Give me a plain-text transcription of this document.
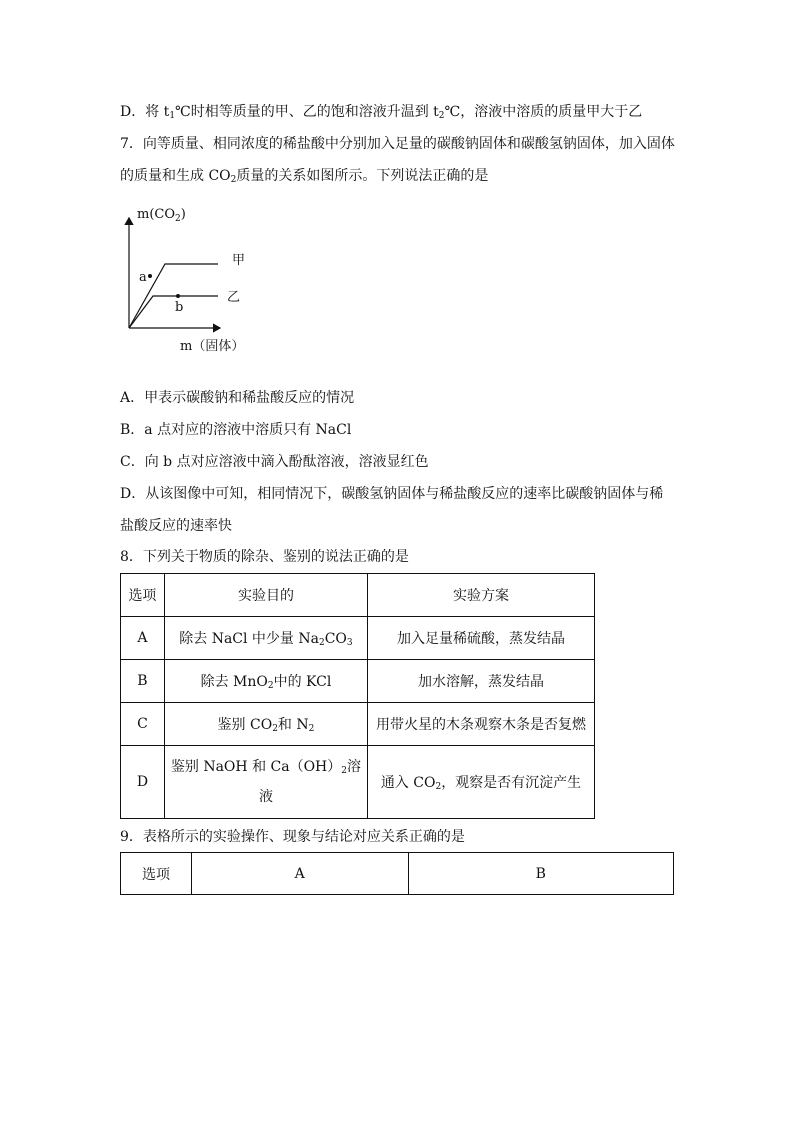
D．将 $t_1℃$时相等质量的甲、乙的饱和溶液升温到 $t_2℃$，溶液中溶质的质量甲大于乙
7．向等质量、相同浓度的稀盐酸中分别加入足量的碳酸钠固体和碳酸氢钠固体，加入固体
的质量和生成 $CO_2$质量的关系如图所示。下列说法正确的是
$m(CO_2)$
甲
乙
a
b
m（固体）
A．甲表示碳酸钠和稀盐酸反应的情况
B．a 点对应的溶液中溶质只有 NaCl
C．向 b 点对应溶液中滴入酚酞溶液，溶液显红色
D．从该图像中可知，相同情况下，碳酸氢钠固体与稀盐酸反应的速率比碳酸钠固体与稀
盐酸反应的速率快
8．下列关于物质的除杂、鉴别的说法正确的是
选项	实验目的	实验方案
A	除去 NaCl 中少量 $Na_2CO_3$	加入足量稀硫酸，蒸发结晶
B	除去 MnO$_2$中的 KCl	加水溶解，蒸发结晶
C	鉴别 $CO_2$和 $N_2$	用带火星的木条观察木条是否复燃
D	鉴别 NaOH 和 $Ca(OH)_2$溶
液	通入 $CO_2$，观察是否有沉淀产生
9．表格所示的实验操作、现象与结论对应关系正确的是
选项	A	B
